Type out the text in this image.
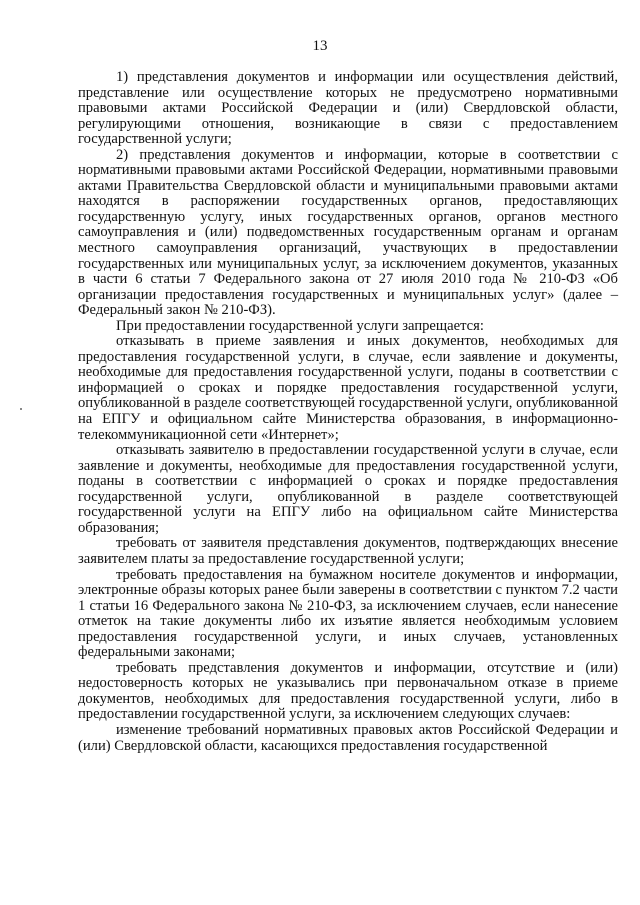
13

1) представления документов и информации или осуществления действий, представление или осуществление которых не предусмотрено нормативными правовыми актами Российской Федерации и (или) Свердловской области, регулирующими отношения, возникающие в связи с предоставлением государственной услуги;

2) представления документов и информации, которые в соответствии с нормативными правовыми актами Российской Федерации, нормативными правовыми актами Правительства Свердловской области и муниципальными правовыми актами находятся в распоряжении государственных органов, предоставляющих государственную услугу, иных государственных органов, органов местного самоуправления и (или) подведомственных государственным органам и органам местного самоуправления организаций, участвующих в предоставлении государственных или муниципальных услуг, за исключением документов, указанных в части 6 статьи 7 Федерального закона от 27 июля 2010 года № 210-ФЗ «Об организации предоставления государственных и муниципальных услуг» (далее – Федеральный закон № 210-ФЗ).

При предоставлении государственной услуги запрещается:

отказывать в приеме заявления и иных документов, необходимых для предоставления государственной услуги, в случае, если заявление и документы, необходимые для предоставления государственной услуги, поданы в соответствии с информацией о сроках и порядке предоставления государственной услуги, опубликованной в разделе соответствующей государственной услуги, опубликованной на ЕПГУ и официальном сайте Министерства образования, в информационно-телекоммуникационной сети «Интернет»;

отказывать заявителю в предоставлении государственной услуги в случае, если заявление и документы, необходимые для предоставления государственной услуги, поданы в соответствии с информацией о сроках и порядке предоставления государственной услуги, опубликованной в разделе соответствующей государственной услуги на ЕПГУ либо на официальном сайте Министерства образования;

требовать от заявителя представления документов, подтверждающих внесение заявителем платы за предоставление государственной услуги;

требовать предоставления на бумажном носителе документов и информации, электронные образы которых ранее были заверены в соответствии с пунктом 7.2 части 1 статьи 16 Федерального закона № 210-ФЗ, за исключением случаев, если нанесение отметок на такие документы либо их изъятие является необходимым условием предоставления государственной услуги, и иных случаев, установленных федеральными законами;

требовать представления документов и информации, отсутствие и (или) недостоверность которых не указывались при первоначальном отказе в приеме документов, необходимых для предоставления государственной услуги, либо в предоставлении государственной услуги, за исключением следующих случаев:

изменение требований нормативных правовых актов Российской Федерации и (или) Свердловской области, касающихся предоставления государственной
